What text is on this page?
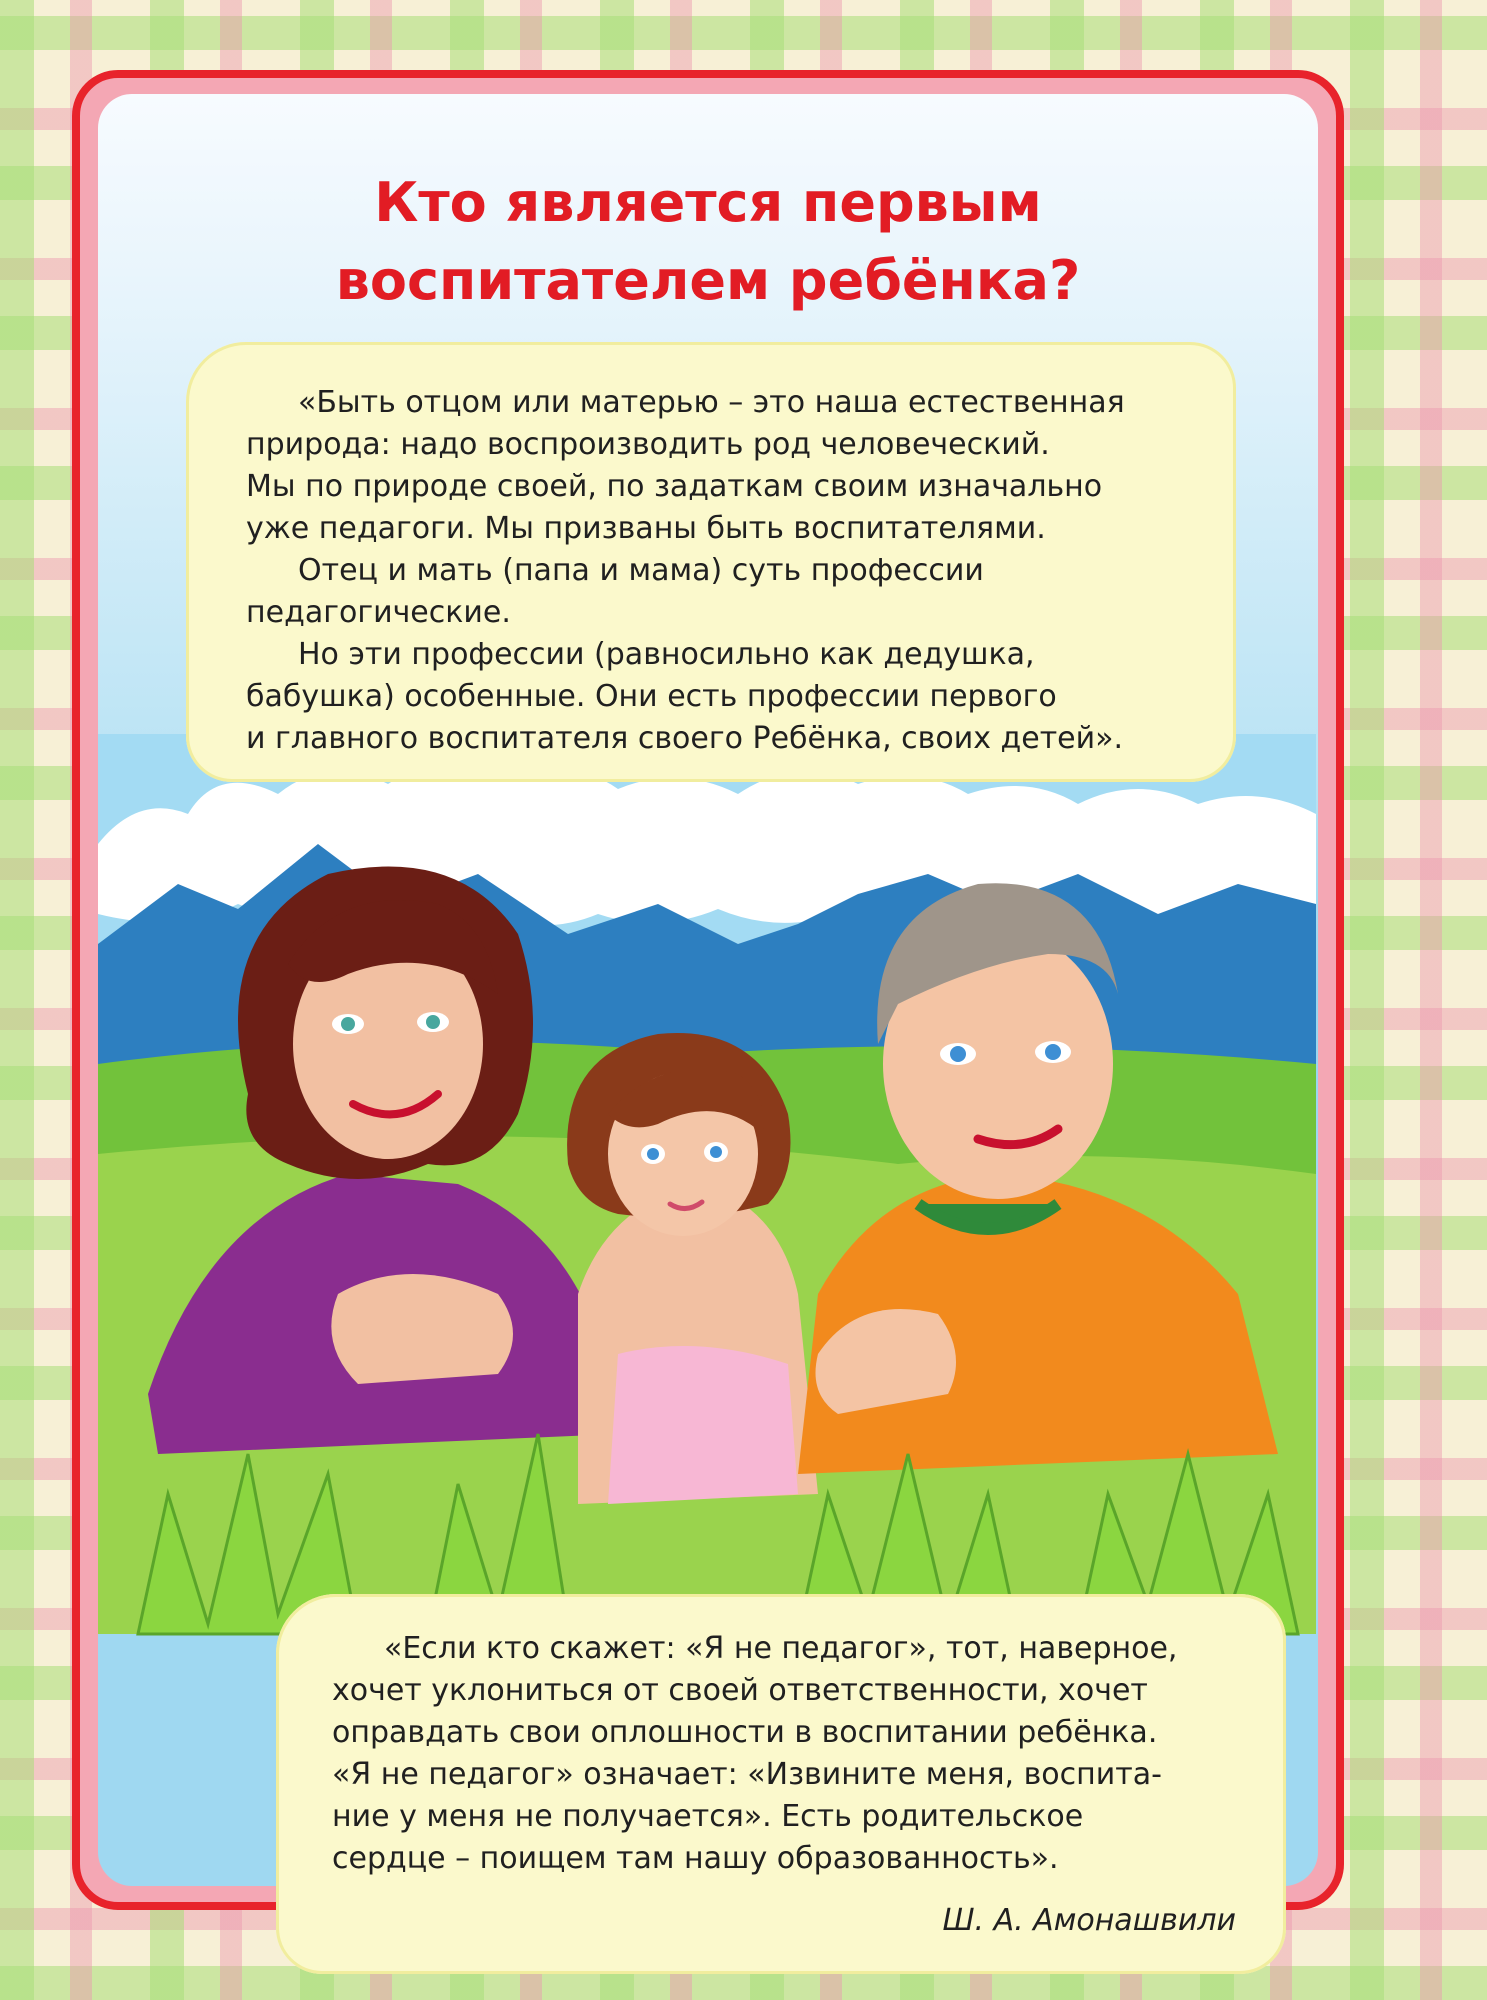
Кто является первым
воспитателем ребёнка?

«Быть отцом или матерью – это наша естественная
природа: надо воспроизводить род человеческий.
Мы по природе своей, по задаткам своим изначально
уже педагоги. Мы призваны быть воспитателями.
Отец и мать (папа и мама) суть профессии
педагогические.
Но эти профессии (равносильно как дедушка,
бабушка) особенные. Они есть профессии первого
и главного воспитателя своего Ребёнка, своих детей».

«Если кто скажет: «Я не педагог», тот, наверное,
хочет уклониться от своей ответственности, хочет
оправдать свои оплошности в воспитании ребёнка.
«Я не педагог» означает: «Извините меня, воспита-
ние у меня не получается». Есть родительское
сердце – поищем там нашу образованность».

Ш. А. Амонашвили
